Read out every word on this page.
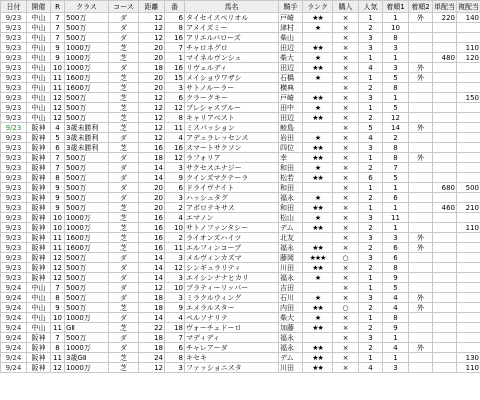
日付	開催	R	クラス	コース	距離	番	馬名	騎手	ランク	購入	人気	着順1	着順2	単配当	複配当
9/23	中山	7	500万	ダ	12	6	タイセイスペリオル	戸崎	★★	×	1	1	外	220	140
9/23	中山	7	500万	ダ	12	8	アメイズミー	津村	★	×	2	10			
9/23	中山	7	500万	ダ	12	16	アリエルバローズ	柴山		×	3	8			
9/23	中山	9	1000万	芝	20	7	チャロネグロ	田辺	★★	×	3	3			110
9/23	中山	9	1000万	芝	20	1	マイネルヴンシュ	柴大	★	×	1	1		480	120
9/23	中山	10	1000万	ダ	18	16	リヴェルディ	田辺	★★	×	4	3	外		
9/23	中山	11	1600万	芝	20	15	メイショウワザシ	石橋	★	×	1	5	外		
9/23	中山	11	1600万	芝	20	3	サトノルーラー	横典		×	2	8			
9/23	中山	12	500万	芝	12	6	クラークキー	戸崎	★★	×	3	1			150
9/23	中山	12	500万	芝	12	12	プレシャスブルー	田中	★	×	1	5			
9/23	中山	12	500万	芝	12	8	キャリアベスト	田辺	★★	×	2	12			
9/23	阪神	4	3歳未勝利	芝	12	11	ミスパッション	鮫島		×	5	14	外		
9/23	阪神	5	3歳未勝利	ダ	12	4	アデュラレッセンス	岩田	★	×	4	2			
9/23	阪神	6	3歳未勝利	芝	16	16	スマートサクソン	四位	★★	×	3	8			
9/23	阪神	7	500万	ダ	18	12	ラフォリア	幸	★★	×	1	8	外		
9/23	阪神	7	500万	ダ	14	3	サクセスエナジー	和田	★	×	2	7			
9/23	阪神	8	500万	ダ	14	9	クインズマクテーラ	松若	★★	×	6	5			
9/23	阪神	9	500万	ダ	20	6	ドライヴナイト	和田		×	1	1		680	500
9/23	阪神	9	500万	ダ	20	3	ハッシュタグ	福永	★	×	2	6			
9/23	阪神	9	500万	芝	20	2	アポロテキサス	和田	★★	×	1	1		460	210
9/23	阪神	10	1000万	芝	16	4	エマノン	松山	★	×	3	11			
9/23	阪神	10	1000万	芝	16	10	サトノファンタシー	デム	★★	×	2	1			110
9/23	阪神	11	1600万	芝	16	2	ライオンズハイツ	北友		×	3	3	外		
9/23	阪神	11	1600万	芝	16	11	エルフィンコーブ	福永	★★	×	2	6	外		
9/23	阪神	12	500万	ダ	14	3	メルヴィンカズマ	藤岡	★★★	○	3	6			
9/23	阪神	12	500万	ダ	14	12	シンギュラリティ	川田	★★	×	2	8			
9/23	阪神	12	500万	ダ	14	3	エイシンナナヒカリ	福永	★	×	1	9			
9/24	中山	7	500万	ダ	12	10	ブラティーリッパー	吉田		×	1	5			
9/24	中山	8	500万	ダ	18	3	ミラクルウィング	石川	★	×	3	4	外		
9/24	中山	9	500万	芝	18	9	エメラルスター	内田	★★	○	2	4	外		
9/24	中山	10	1000万	ダ	14	4	ペルソナリテ	柴大	★	×	1	8			
9/24	中山	11	GⅡ	芝	22	18	ヴォーチェドーロ	加藤	★★	×	2	9			
9/24	阪神	7	500万	ダ	18	7	マディディ	福永		×	3	1			
9/24	阪神	8	1000万	ダ	18	6	チャレアーダ	福永	★★	×	2	4	外		
9/24	阪神	11	3歳GⅡ	芝	24	8	キセキ	デム	★★	×	1	1			130
9/24	阪神	12	1000万	芝	12	3	ファッショニスタ	川田	★★	×	4	3			110
